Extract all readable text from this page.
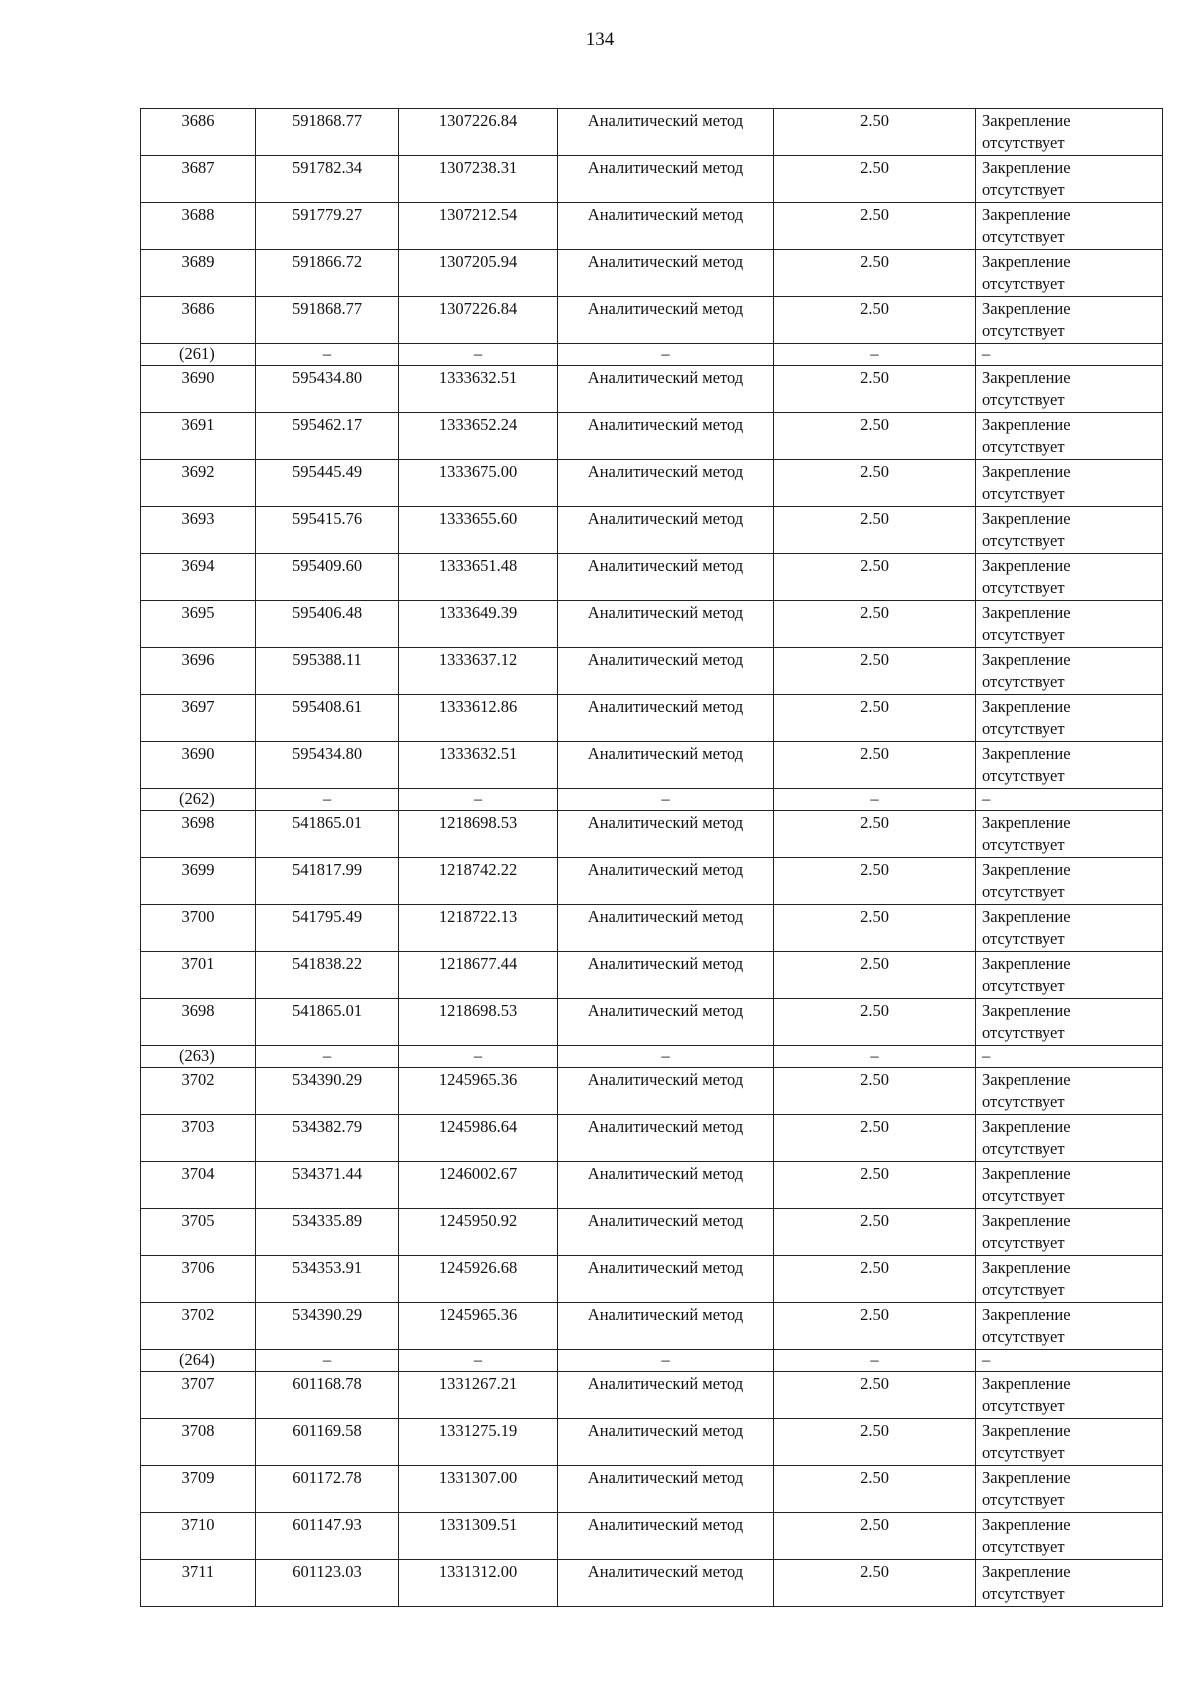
134
3686	591868.77	1307226.84	Аналитический метод	2.50	Закрепление отсутствует
3687	591782.34	1307238.31	Аналитический метод	2.50	Закрепление отсутствует
3688	591779.27	1307212.54	Аналитический метод	2.50	Закрепление отсутствует
3689	591866.72	1307205.94	Аналитический метод	2.50	Закрепление отсутствует
3686	591868.77	1307226.84	Аналитический метод	2.50	Закрепление отсутствует
(261)	–	–	–	–	–
3690	595434.80	1333632.51	Аналитический метод	2.50	Закрепление отсутствует
3691	595462.17	1333652.24	Аналитический метод	2.50	Закрепление отсутствует
3692	595445.49	1333675.00	Аналитический метод	2.50	Закрепление отсутствует
3693	595415.76	1333655.60	Аналитический метод	2.50	Закрепление отсутствует
3694	595409.60	1333651.48	Аналитический метод	2.50	Закрепление отсутствует
3695	595406.48	1333649.39	Аналитический метод	2.50	Закрепление отсутствует
3696	595388.11	1333637.12	Аналитический метод	2.50	Закрепление отсутствует
3697	595408.61	1333612.86	Аналитический метод	2.50	Закрепление отсутствует
3690	595434.80	1333632.51	Аналитический метод	2.50	Закрепление отсутствует
(262)	–	–	–	–	–
3698	541865.01	1218698.53	Аналитический метод	2.50	Закрепление отсутствует
3699	541817.99	1218742.22	Аналитический метод	2.50	Закрепление отсутствует
3700	541795.49	1218722.13	Аналитический метод	2.50	Закрепление отсутствует
3701	541838.22	1218677.44	Аналитический метод	2.50	Закрепление отсутствует
3698	541865.01	1218698.53	Аналитический метод	2.50	Закрепление отсутствует
(263)	–	–	–	–	–
3702	534390.29	1245965.36	Аналитический метод	2.50	Закрепление отсутствует
3703	534382.79	1245986.64	Аналитический метод	2.50	Закрепление отсутствует
3704	534371.44	1246002.67	Аналитический метод	2.50	Закрепление отсутствует
3705	534335.89	1245950.92	Аналитический метод	2.50	Закрепление отсутствует
3706	534353.91	1245926.68	Аналитический метод	2.50	Закрепление отсутствует
3702	534390.29	1245965.36	Аналитический метод	2.50	Закрепление отсутствует
(264)	–	–	–	–	–
3707	601168.78	1331267.21	Аналитический метод	2.50	Закрепление отсутствует
3708	601169.58	1331275.19	Аналитический метод	2.50	Закрепление отсутствует
3709	601172.78	1331307.00	Аналитический метод	2.50	Закрепление отсутствует
3710	601147.93	1331309.51	Аналитический метод	2.50	Закрепление отсутствует
3711	601123.03	1331312.00	Аналитический метод	2.50	Закрепление отсутствует
